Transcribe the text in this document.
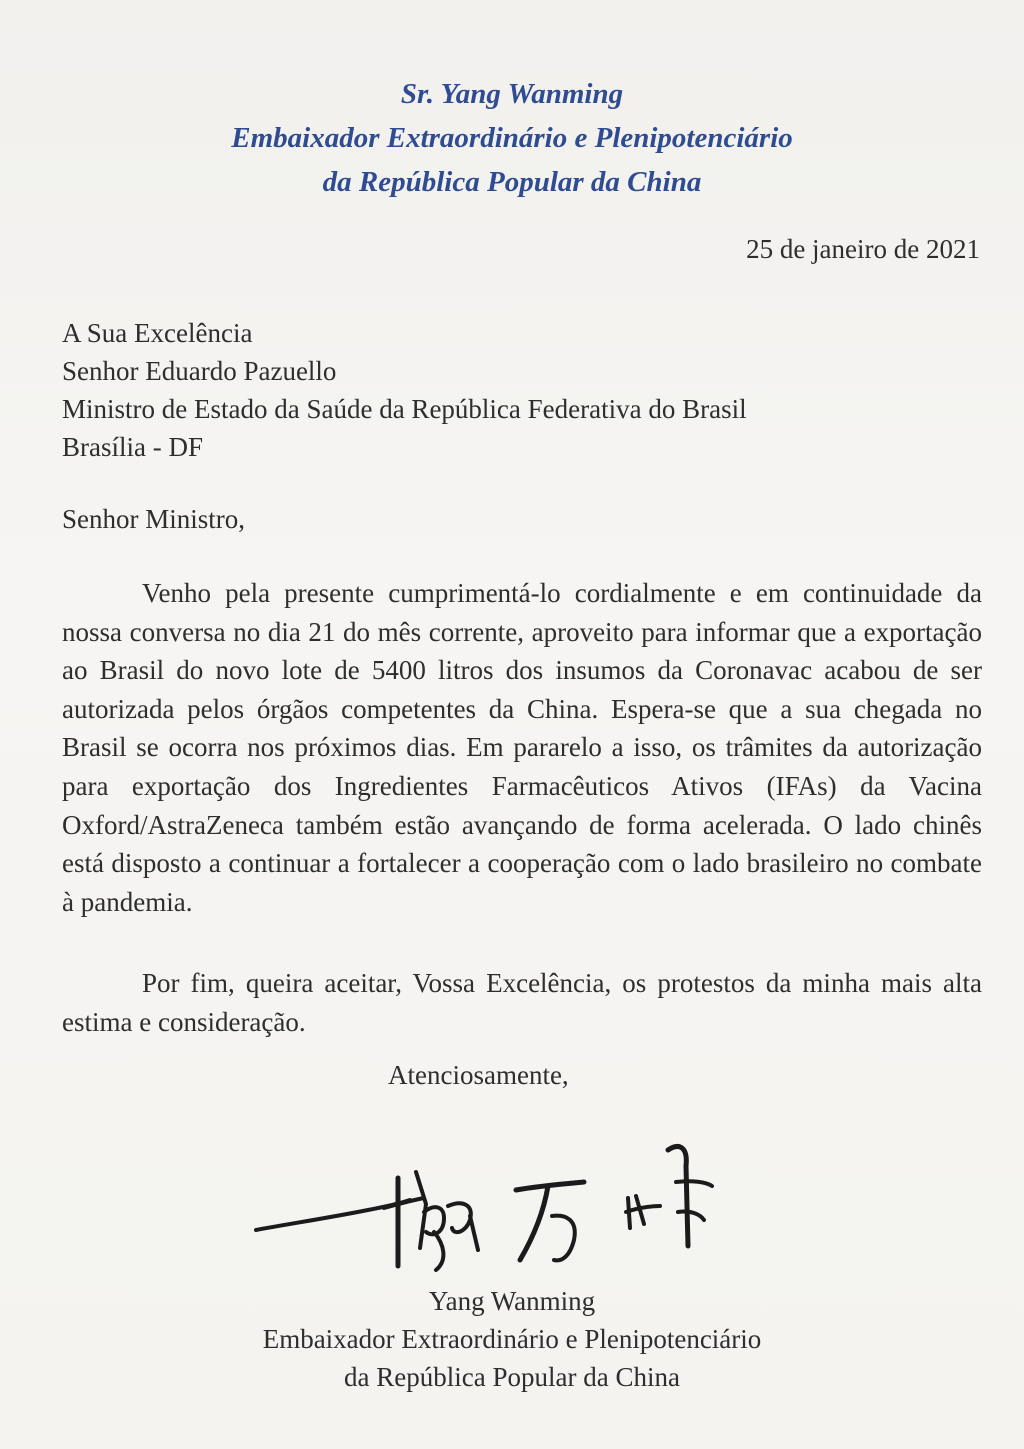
Sr. Yang Wanming
Embaixador Extraordinário e Plenipotenciário
da República Popular da China
25 de janeiro de 2021
A Sua Excelência
Senhor Eduardo Pazuello
Ministro de Estado da Saúde da República Federativa do Brasil
Brasília - DF
Senhor Ministro,
Venho pela presente cumprimentá-lo cordialmente e em continuidade da nossa conversa no dia 21 do mês corrente, aproveito para informar que a exportação ao Brasil do novo lote de 5400 litros dos insumos da Coronavac acabou de ser autorizada pelos órgãos competentes da China. Espera-se que a sua chegada no Brasil se ocorra nos próximos dias. Em pararelo a isso, os trâmites da autorização para exportação dos Ingredientes Farmacêuticos Ativos (IFAs) da Vacina Oxford/AstraZeneca também estão avançando de forma acelerada. O lado chinês está disposto a continuar a fortalecer a cooperação com o lado brasileiro no combate à pandemia.
Por fim, queira aceitar, Vossa Excelência, os protestos da minha mais alta estima e consideração.
Atenciosamente,
Yang Wanming
Embaixador Extraordinário e Plenipotenciário
da República Popular da China
